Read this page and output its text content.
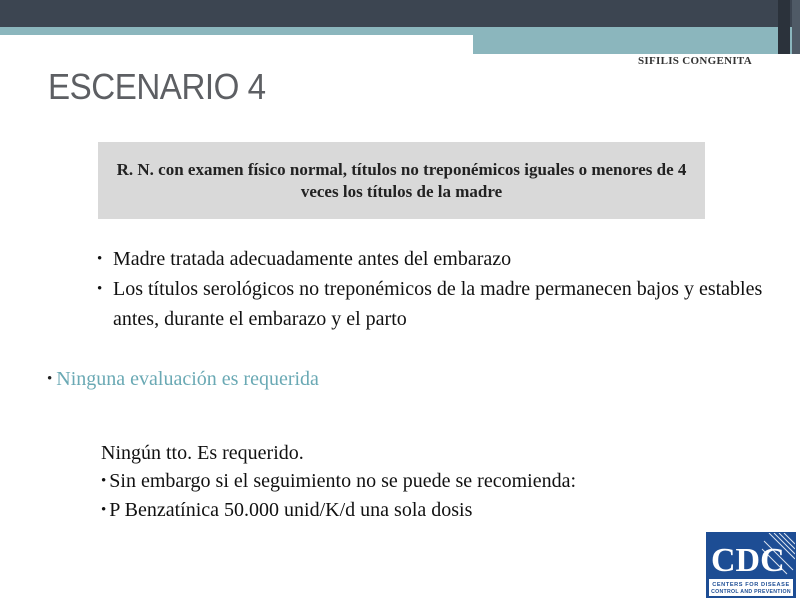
SIFILIS CONGENITA
ESCENARIO 4
R. N. con examen físico normal, títulos no treponémicos iguales o menores de 4 veces los títulos de la madre
• Madre tratada adecuadamente antes del embarazo
• Los títulos serológicos no treponémicos de la madre permanecen bajos y estables antes, durante el embarazo y el parto
• Ninguna evaluación es requerida
Ningún tto. Es requerido.
• Sin embargo si el seguimiento no se puede se recomienda:
• P Benzatínica 50.000 unid/K/d una sola dosis
CDC
CENTERS FOR DISEASE
CONTROL AND PREVENTION
